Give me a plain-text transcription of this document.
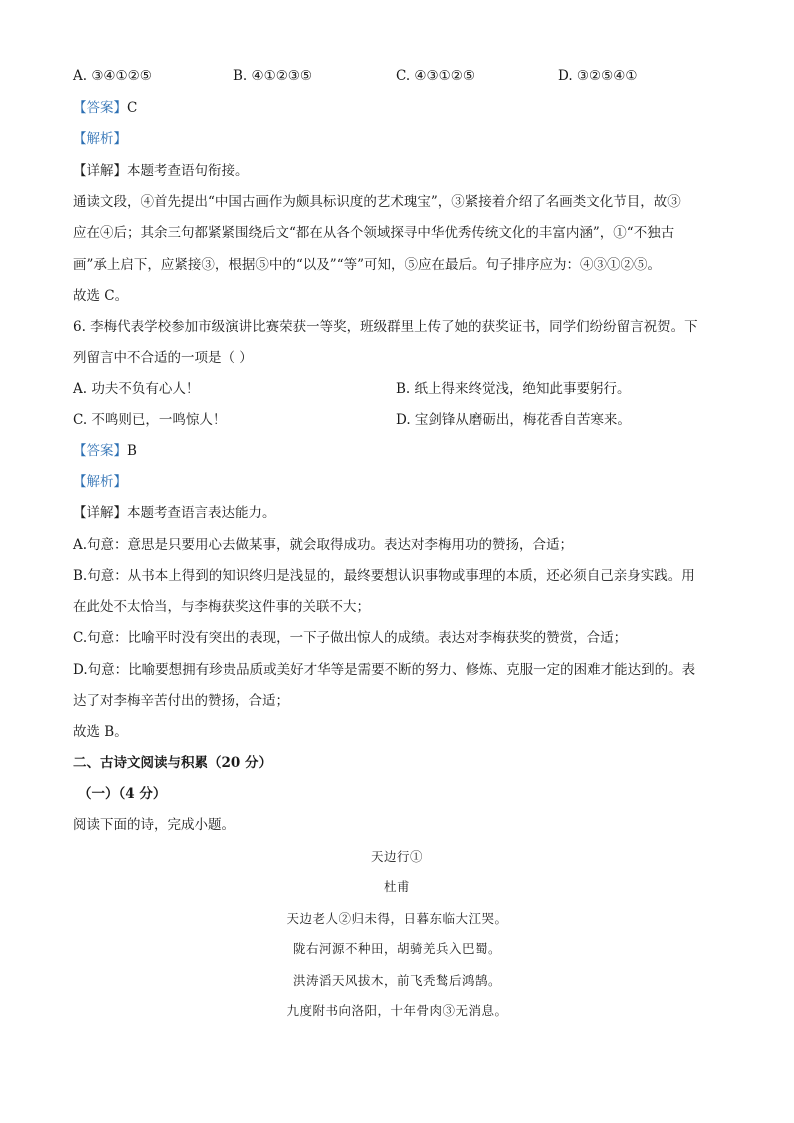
A. ③④①②⑤	B. ④①②③⑤	C. ④③①②⑤	D. ③②⑤④①
【答案】C
【解析】
【详解】本题考查语句衔接。
通读文段，④首先提出“中国古画作为颇具标识度的艺术瑰宝”，③紧接着介绍了名画类文化节目，故③
应在④后；其余三句都紧紧围绕后文“都在从各个领域探寻中华优秀传统文化的丰富内涵”，①“不独古
画”承上启下，应紧接③，根据⑤中的“以及”“等”可知，⑤应在最后。句子排序应为：④③①②⑤。
故选 C。
6. 李梅代表学校参加市级演讲比赛荣获一等奖，班级群里上传了她的获奖证书，同学们纷纷留言祝贺。下
列留言中不合适的一项是（ ）
A. 功夫不负有心人！	B. 纸上得来终觉浅，绝知此事要躬行。
C. 不鸣则已，一鸣惊人！	D. 宝剑锋从磨砺出，梅花香自苦寒来。
【答案】B
【解析】
【详解】本题考查语言表达能力。
A.句意：意思是只要用心去做某事，就会取得成功。表达对李梅用功的赞扬，合适；
B.句意：从书本上得到的知识终归是浅显的，最终要想认识事物或事理的本质，还必须自己亲身实践。用
在此处不太恰当，与李梅获奖这件事的关联不大；
C.句意：比喻平时没有突出的表现，一下子做出惊人的成绩。表达对李梅获奖的赞赏，合适；
D.句意：比喻要想拥有珍贵品质或美好才华等是需要不断的努力、修炼、克服一定的困难才能达到的。表
达了对李梅辛苦付出的赞扬，合适；
故选 B。
二、古诗文阅读与积累（20 分）
（一）（4 分）
阅读下面的诗，完成小题。
天边行①
杜甫
天边老人②归未得，日暮东临大江哭。
陇右河源不种田，胡骑羌兵入巴蜀。
洪涛滔天风拔木，前飞秃鹙后鸿鹄。
九度附书向洛阳，十年骨肉③无消息。
